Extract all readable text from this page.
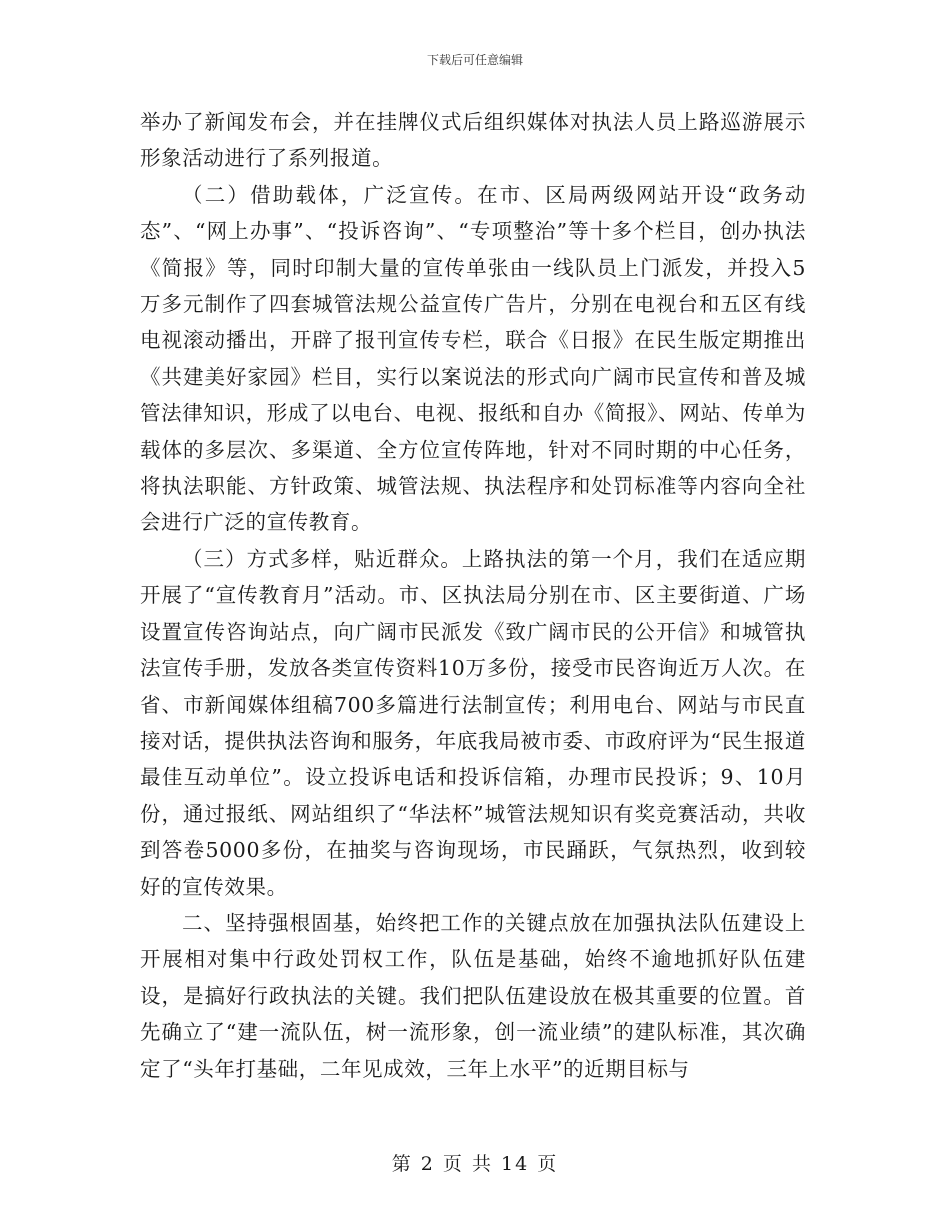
下载后可任意编辑

举办了新闻发布会，并在挂牌仪式后组织媒体对执法人员上路巡游展示形象活动进行了系列报道。

（二）借助载体，广泛宣传。在市、区局两级网站开设“政务动态”、“网上办事”、“投诉咨询”、“专项整治”等十多个栏目，创办执法《简报》等，同时印制大量的宣传单张由一线队员上门派发，并投入5万多元制作了四套城管法规公益宣传广告片，分别在电视台和五区有线电视滚动播出，开辟了报刊宣传专栏，联合《日报》在民生版定期推出《共建美好家园》栏目，实行以案说法的形式向广阔市民宣传和普及城管法律知识，形成了以电台、电视、报纸和自办《简报》、网站、传单为载体的多层次、多渠道、全方位宣传阵地，针对不同时期的中心任务，将执法职能、方针政策、城管法规、执法程序和处罚标准等内容向全社会进行广泛的宣传教育。

（三）方式多样，贴近群众。上路执法的第一个月，我们在适应期开展了“宣传教育月”活动。市、区执法局分别在市、区主要街道、广场设置宣传咨询站点，向广阔市民派发《致广阔市民的公开信》和城管执法宣传手册，发放各类宣传资料10万多份，接受市民咨询近万人次。在省、市新闻媒体组稿700多篇进行法制宣传；利用电台、网站与市民直接对话，提供执法咨询和服务，年底我局被市委、市政府评为“民生报道最佳互动单位”。设立投诉电话和投诉信箱，办理市民投诉；9、10月份，通过报纸、网站组织了“华法杯”城管法规知识有奖竞赛活动，共收到答卷5000多份，在抽奖与咨询现场，市民踊跃，气氛热烈，收到较好的宣传效果。

二、坚持强根固基，始终把工作的关键点放在加强执法队伍建设上开展相对集中行政处罚权工作，队伍是基础，始终不逾地抓好队伍建设，是搞好行政执法的关键。我们把队伍建设放在极其重要的位置。首先确立了“建一流队伍，树一流形象，创一流业绩”的建队标准，其次确定了“头年打基础，二年见成效，三年上水平”的近期目标与

第 2 页 共 14 页
